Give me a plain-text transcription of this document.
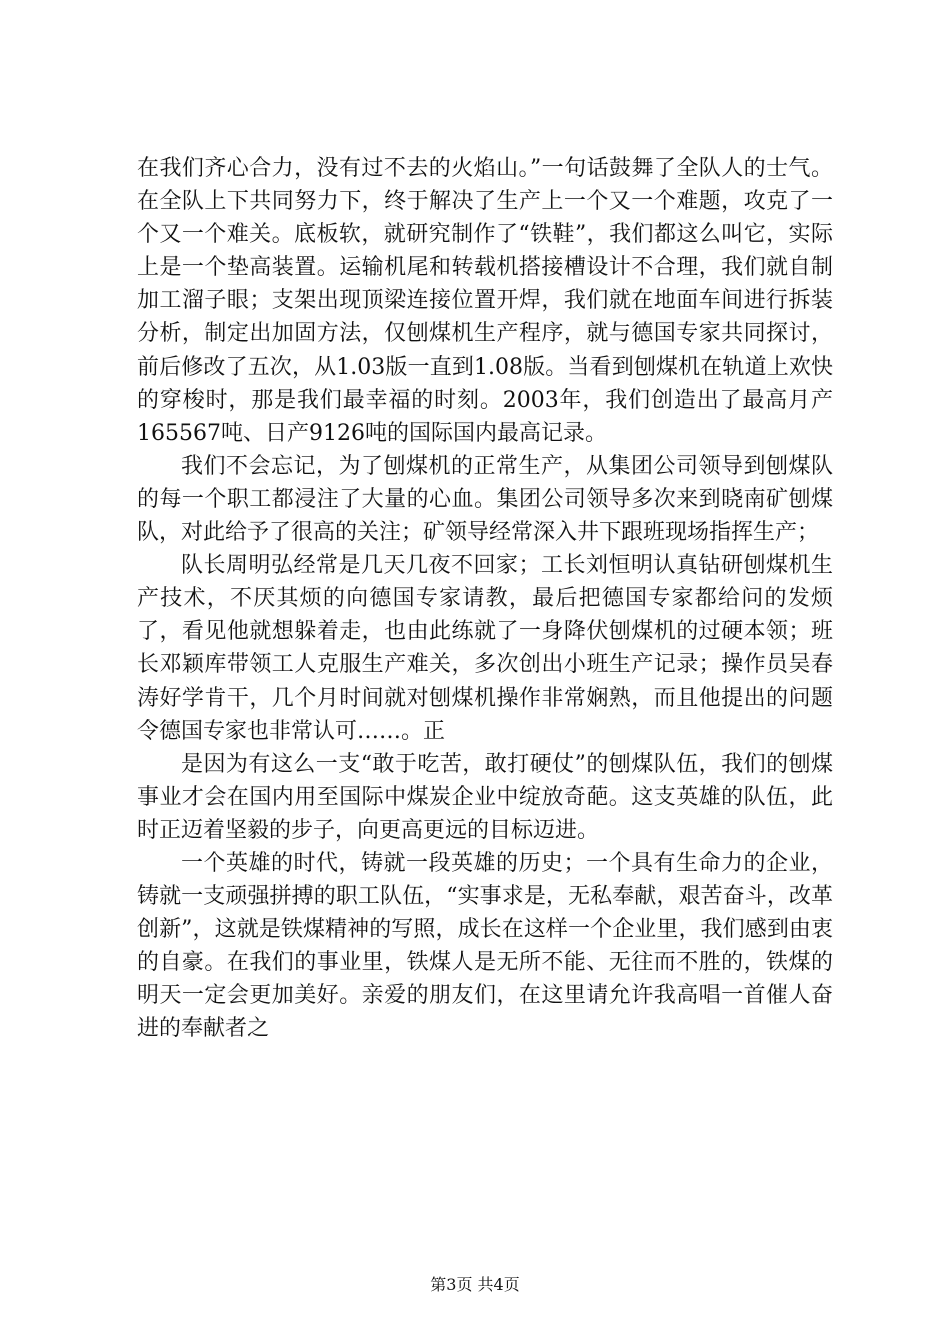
在我们齐心合力，没有过不去的火焰山。”一句话鼓舞了全队人的士气。在全队上下共同努力下，终于解决了生产上一个又一个难题，攻克了一个又一个难关。底板软，就研究制作了“铁鞋”，我们都这么叫它，实际上是一个垫高装置。运输机尾和转载机搭接槽设计不合理，我们就自制加工溜子眼；支架出现顶梁连接位置开焊，我们就在地面车间进行拆装分析，制定出加固方法，仅刨煤机生产程序，就与德国专家共同探讨，前后修改了五次，从1.03版一直到1.08版。当看到刨煤机在轨道上欢快的穿梭时，那是我们最幸福的时刻。2003年，我们创造出了最高月产165567吨、日产9126吨的国际国内最高记录。

我们不会忘记，为了刨煤机的正常生产，从集团公司领导到刨煤队的每一个职工都浸注了大量的心血。集团公司领导多次来到晓南矿刨煤队，对此给予了很高的关注；矿领导经常深入井下跟班现场指挥生产；

队长周明弘经常是几天几夜不回家；工长刘恒明认真钻研刨煤机生产技术，不厌其烦的向德国专家请教，最后把德国专家都给问的发烦了，看见他就想躲着走，也由此练就了一身降伏刨煤机的过硬本领；班长邓颖库带领工人克服生产难关，多次创出小班生产记录；操作员吴春涛好学肯干，几个月时间就对刨煤机操作非常娴熟，而且他提出的问题令德国专家也非常认可……。正

是因为有这么一支“敢于吃苦，敢打硬仗”的刨煤队伍，我们的刨煤事业才会在国内用至国际中煤炭企业中绽放奇葩。这支英雄的队伍，此时正迈着坚毅的步子，向更高更远的目标迈进。

一个英雄的时代，铸就一段英雄的历史；一个具有生命力的企业，铸就一支顽强拼搏的职工队伍，“实事求是，无私奉献，艰苦奋斗，改革创新”，这就是铁煤精神的写照，成长在这样一个企业里，我们感到由衷的自豪。在我们的事业里，铁煤人是无所不能、无往而不胜的，铁煤的明天一定会更加美好。亲爱的朋友们，在这里请允许我高唱一首催人奋进的奉献者之

第3页 共4页
